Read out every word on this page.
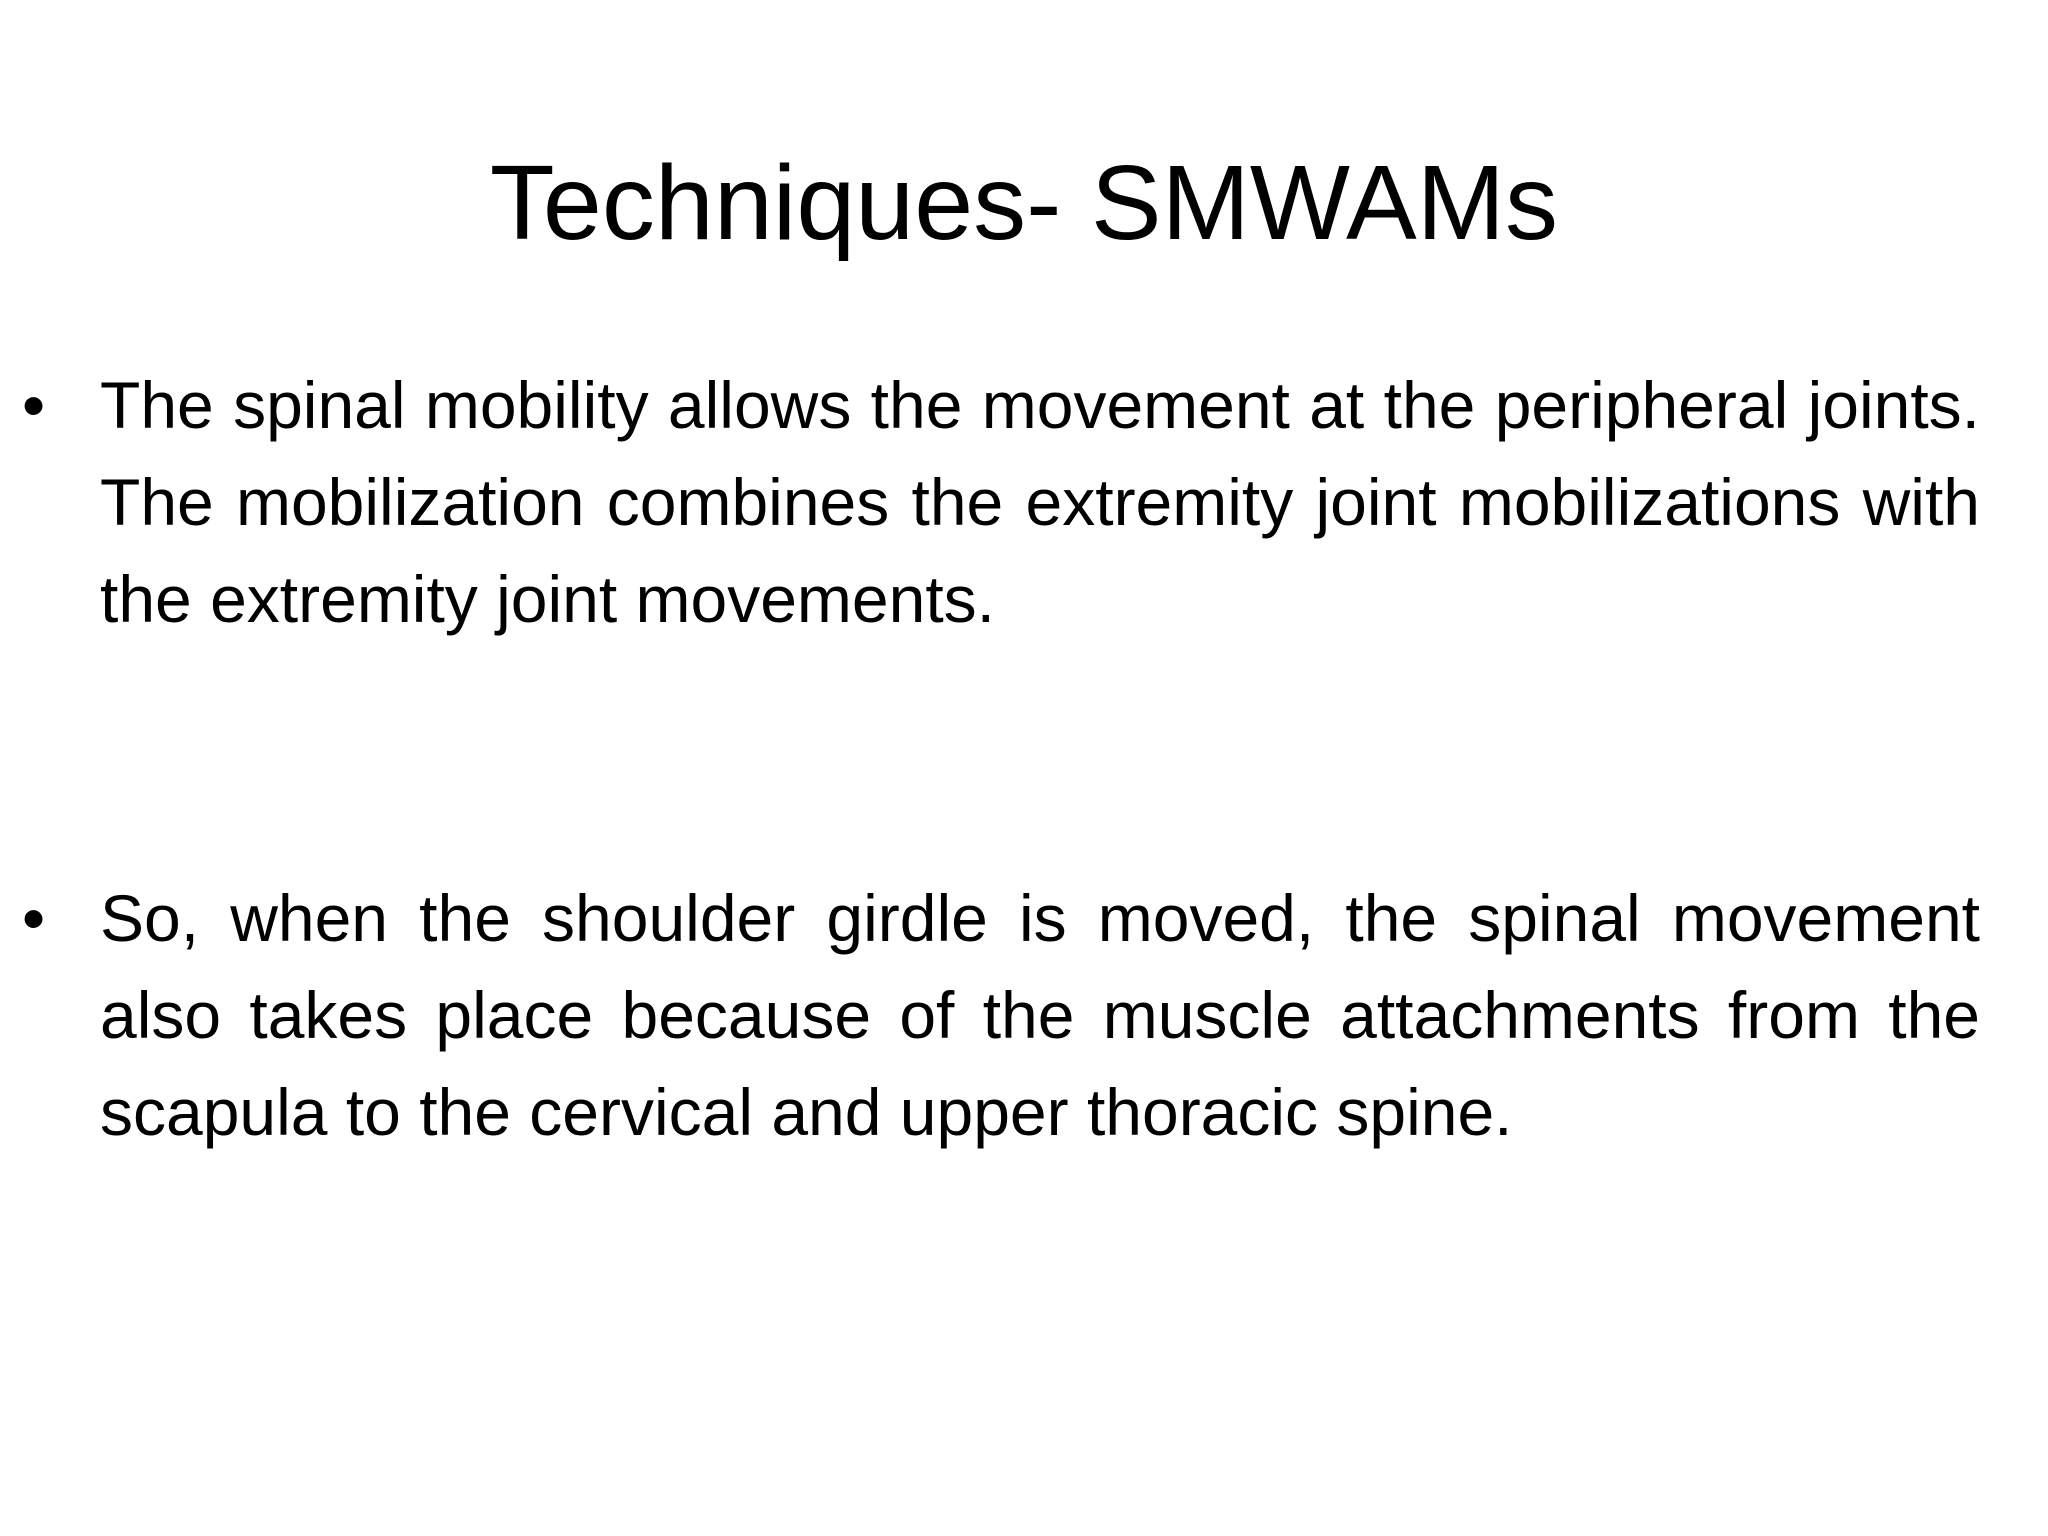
Techniques- SMWAMs
• The spinal mobility allows the movement at the peripheral joints. The mobilization combines the extremity joint mobilizations with the extremity joint movements.
• So, when the shoulder girdle is moved, the spinal movement also takes place because of the muscle attachments from the scapula to the cervical and upper thoracic spine.
